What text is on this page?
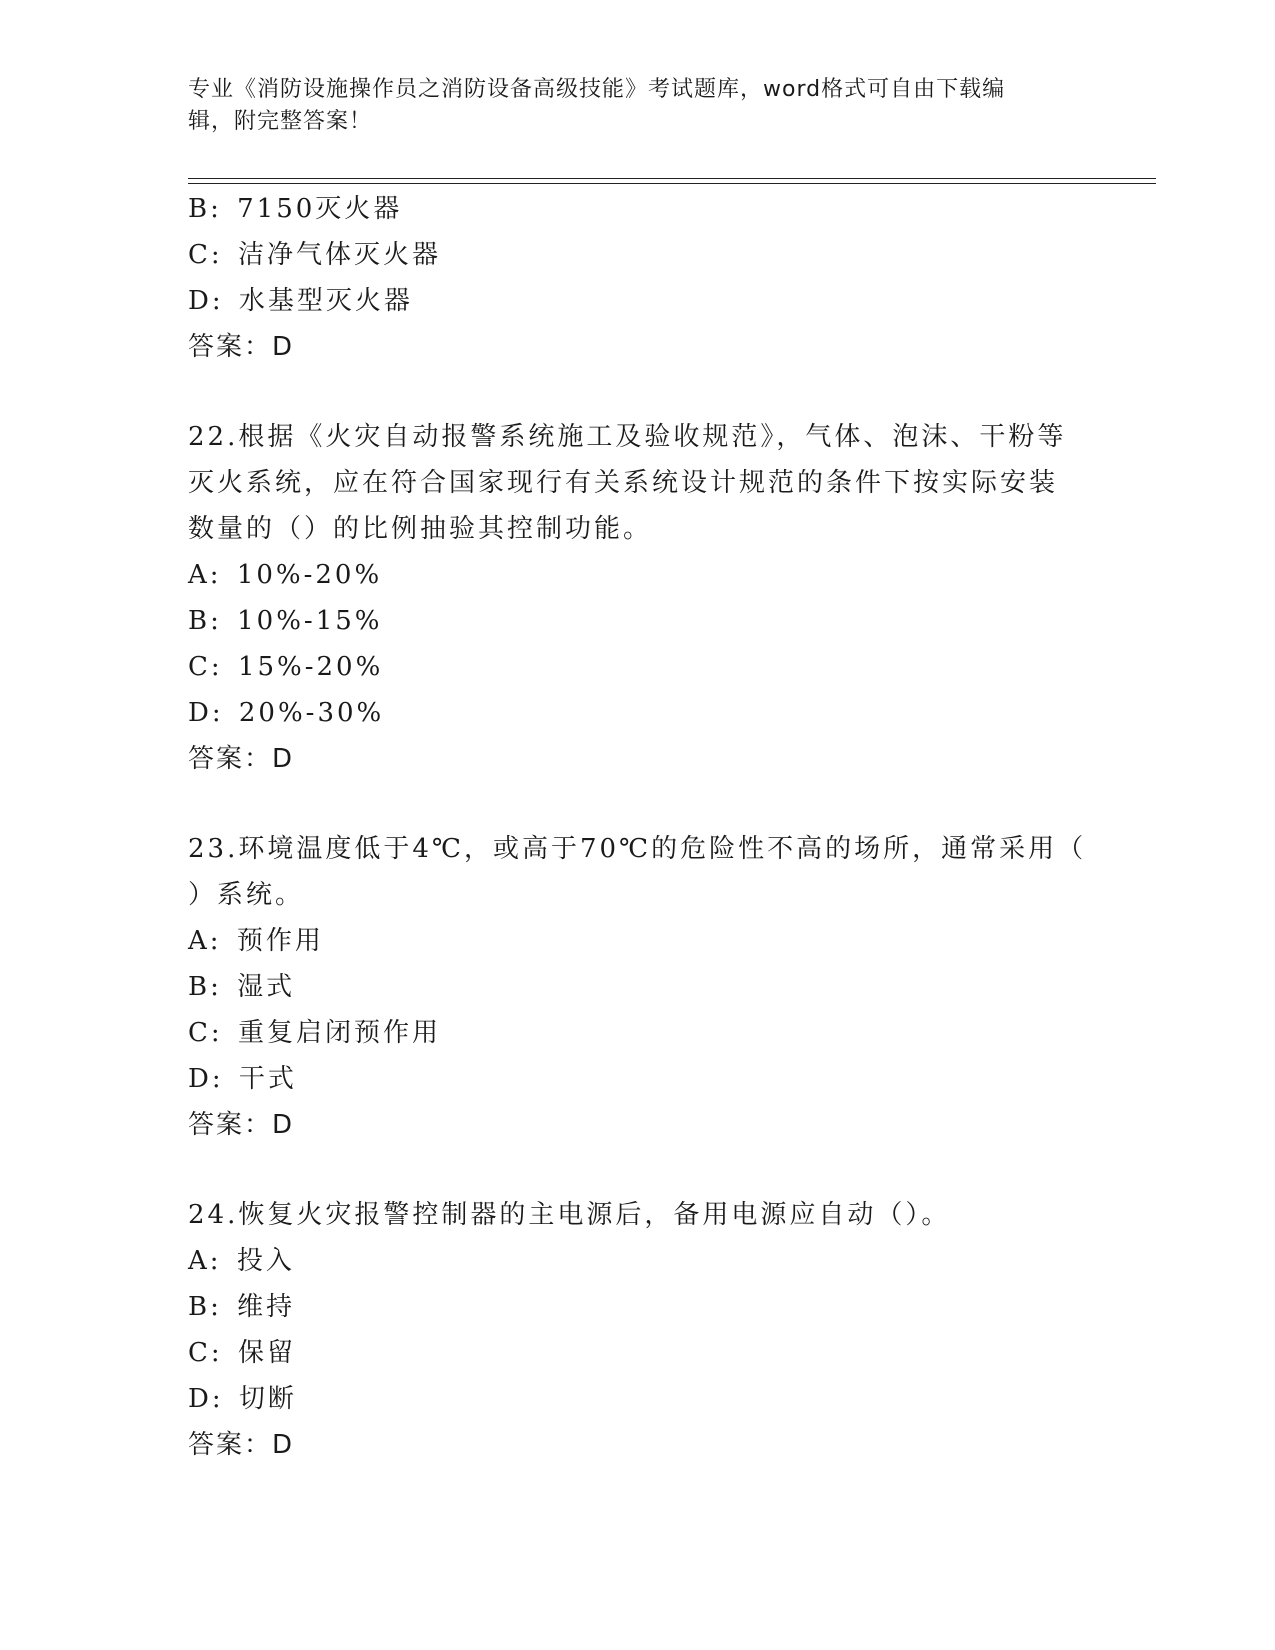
专业《消防设施操作员之消防设备高级技能》考试题库，word格式可自由下载编
辑，附完整答案！
B: 7150灭火器
C: 洁净气体灭火器
D: 水基型灭火器
答案：D
22.根据《火灾自动报警系统施工及验收规范》，气体、泡沫、干粉等
灭火系统，应在符合国家现行有关系统设计规范的条件下按实际安装
数量的（）的比例抽验其控制功能。
A: 10%-20%
B: 10%-15%
C: 15%-20%
D: 20%-30%
答案：D
23.环境温度低于4℃，或高于70℃的危险性不高的场所，通常采用（
）系统。
A: 预作用
B: 湿式
C: 重复启闭预作用
D: 干式
答案：D
24.恢复火灾报警控制器的主电源后，备用电源应自动（）。
A: 投入
B: 维持
C: 保留
D: 切断
答案：D
